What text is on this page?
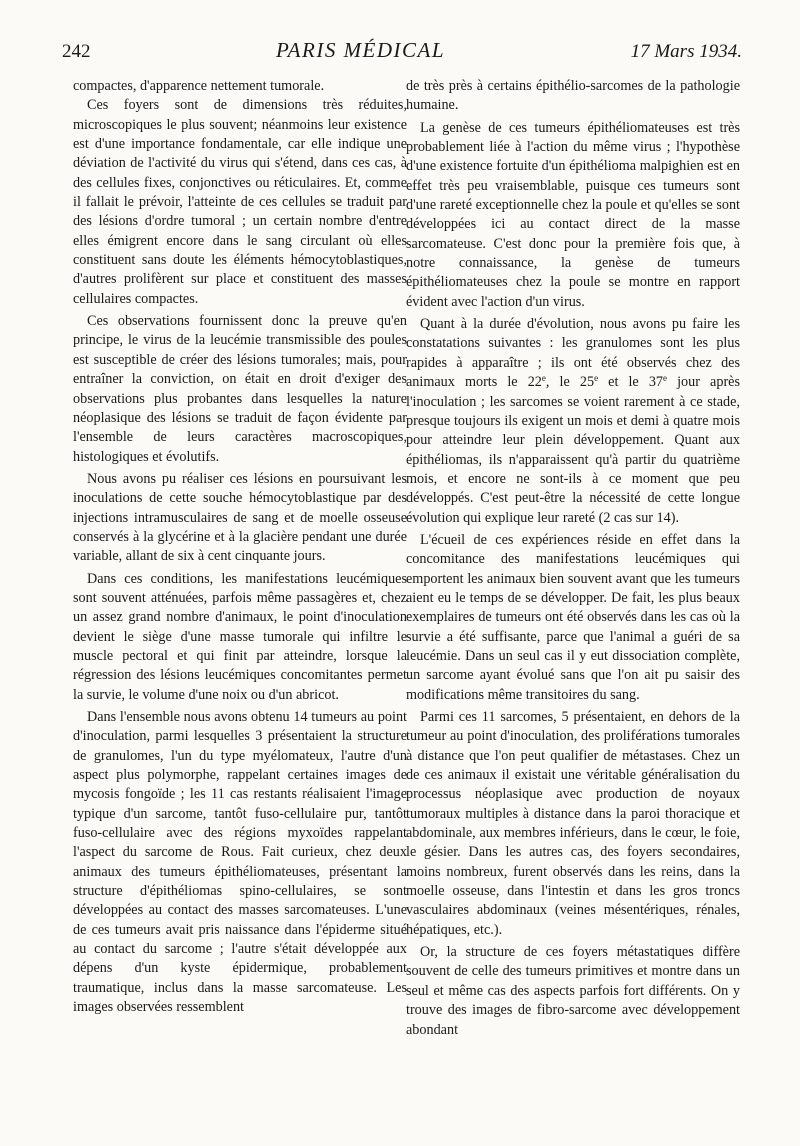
242	PARIS MÉDICAL	17 Mars 1934.

compactes, d'apparence nettement tumorale.

Ces foyers sont de dimensions très réduites, microscopiques le plus souvent; néanmoins leur existence est d'une importance fondamentale, car elle indique une déviation de l'activité du virus qui s'étend, dans ces cas, à des cellules fixes, conjonctives ou réticulaires. Et, comme il fallait le prévoir, l'atteinte de ces cellules se traduit par des lésions d'ordre tumoral ; un certain nombre d'entre elles émigrent encore dans le sang circulant où elles constituent sans doute les éléments hémocytoblastiques, d'autres prolifèrent sur place et constituent des masses cellulaires compactes.

Ces observations fournissent donc la preuve qu'en principe, le virus de la leucémie transmissible des poules est susceptible de créer des lésions tumorales; mais, pour entraîner la conviction, on était en droit d'exiger des observations plus probantes dans lesquelles la nature néoplasique des lésions se traduit de façon évidente par l'ensemble de leurs caractères macroscopiques, histologiques et évolutifs.

Nous avons pu réaliser ces lésions en poursuivant les inoculations de cette souche hémocytoblastique par des injections intramusculaires de sang et de moelle osseuse conservés à la glycérine et à la glacière pendant une durée variable, allant de six à cent cinquante jours.

Dans ces conditions, les manifestations leucémiques sont souvent atténuées, parfois même passagères et, chez un assez grand nombre d'animaux, le point d'inoculation devient le siège d'une masse tumorale qui infiltre le muscle pectoral et qui finit par atteindre, lorsque la régression des lésions leucémiques concomitantes permet la survie, le volume d'une noix ou d'un abricot.

Dans l'ensemble nous avons obtenu 14 tumeurs au point d'inoculation, parmi lesquelles 3 présentaient la structure de granulomes, l'un du type myélomateux, l'autre d'un aspect plus polymorphe, rappelant certaines images de mycosis fongoïde ; les 11 cas restants réalisaient l'image typique d'un sarcome, tantôt fuso-cellulaire pur, tantôt fuso-cellulaire avec des régions myxoïdes rappelant l'aspect du sarcome de Rous. Fait curieux, chez deux animaux des tumeurs épithéliomateuses, présentant la structure d'épithéliomas spino-cellulaires, se sont développées au contact des masses sarcomateuses. L'une de ces tumeurs avait pris naissance dans l'épiderme situé au contact du sarcome ; l'autre s'était développée aux dépens d'un kyste épidermique, probablement traumatique, inclus dans la masse sarcomateuse. Les images observées ressemblent

de très près à certains épithélio-sarcomes de la pathologie humaine.

La genèse de ces tumeurs épithéliomateuses est très probablement liée à l'action du même virus ; l'hypothèse d'une existence fortuite d'un épithélioma malpighien est en effet très peu vraisemblable, puisque ces tumeurs sont d'une rareté exceptionnelle chez la poule et qu'elles se sont développées ici au contact direct de la masse sarcomateuse. C'est donc pour la première fois que, à notre connaissance, la genèse de tumeurs épithéliomateuses chez la poule se montre en rapport évident avec l'action d'un virus.

Quant à la durée d'évolution, nous avons pu faire les constatations suivantes : les granulomes sont les plus rapides à apparaître ; ils ont été observés chez des animaux morts le 22e, le 25e et le 37e jour après l'inoculation ; les sarcomes se voient rarement à ce stade, presque toujours ils exigent un mois et demi à quatre mois pour atteindre leur plein développement. Quant aux épithéliomas, ils n'apparaissent qu'à partir du quatrième mois, et encore ne sont-ils à ce moment que peu développés. C'est peut-être la nécessité de cette longue évolution qui explique leur rareté (2 cas sur 14).

L'écueil de ces expériences réside en effet dans la concomitance des manifestations leucémiques qui emportent les animaux bien souvent avant que les tumeurs aient eu le temps de se développer. De fait, les plus beaux exemplaires de tumeurs ont été observés dans les cas où la survie a été suffisante, parce que l'animal a guéri de sa leucémie. Dans un seul cas il y eut dissociation complète, un sarcome ayant évolué sans que l'on ait pu saisir des modifications même transitoires du sang.

Parmi ces 11 sarcomes, 5 présentaient, en dehors de la tumeur au point d'inoculation, des proliférations tumorales à distance que l'on peut qualifier de métastases. Chez un de ces animaux il existait une véritable généralisation du processus néoplasique avec production de noyaux tumoraux multiples à distance dans la paroi thoracique et abdominale, aux membres inférieurs, dans le cœur, le foie, le gésier. Dans les autres cas, des foyers secondaires, moins nombreux, furent observés dans les reins, dans la moelle osseuse, dans l'intestin et dans les gros troncs vasculaires abdominaux (veines mésentériques, rénales, hépatiques, etc.).

Or, la structure de ces foyers métastatiques diffère souvent de celle des tumeurs primitives et montre dans un seul et même cas des aspects parfois fort différents. On y trouve des images de fibro-sarcome avec développement abondant
